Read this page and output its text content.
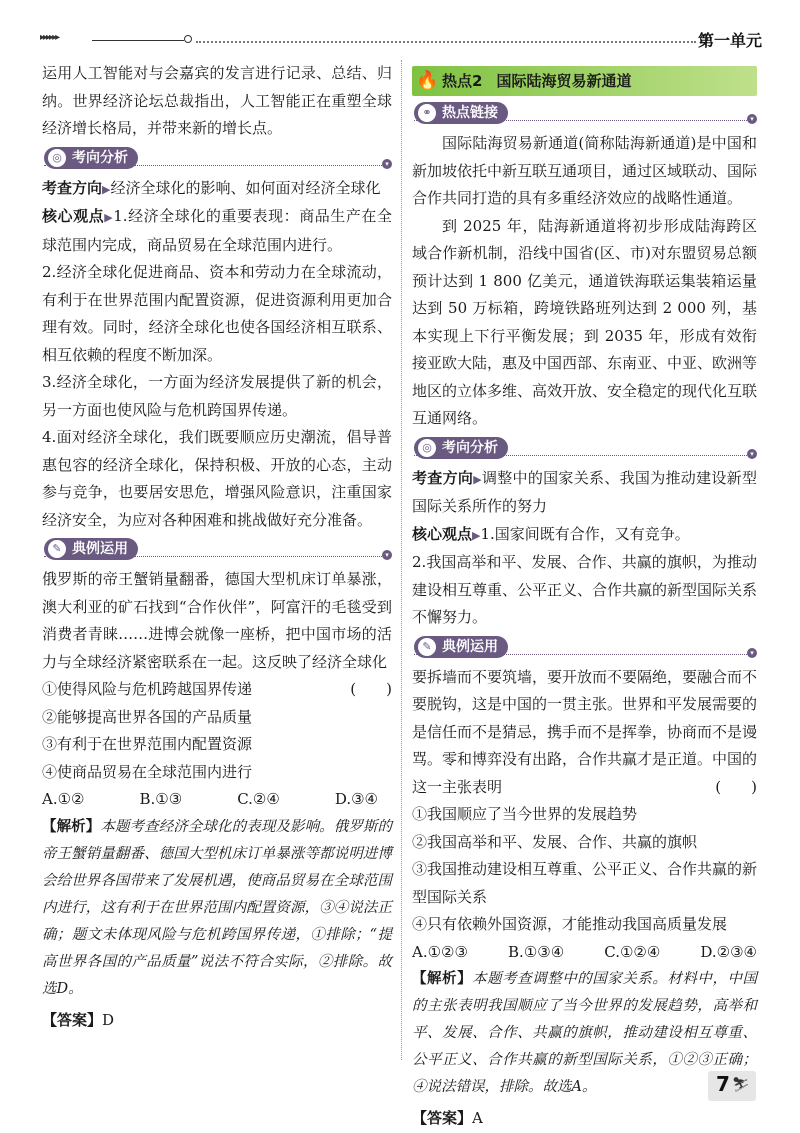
▸▸▸▸▸▸	第一单元

运用人工智能对与会嘉宾的发言进行记录、总结、归纳。世界经济论坛总裁指出，人工智能正在重塑全球经济增长格局，并带来新的增长点。

◎ 考向分析	▾

考查方向▶经济全球化的影响、如何面对经济全球化

核心观点▶1.经济全球化的重要表现：商品生产在全球范围内完成，商品贸易在全球范围内进行。

2.经济全球化促进商品、资本和劳动力在全球流动，有利于在世界范围内配置资源，促进资源利用更加合理有效。同时，经济全球化也使各国经济相互联系、相互依赖的程度不断加深。

3.经济全球化，一方面为经济发展提供了新的机会，另一方面也使风险与危机跨国界传递。

4.面对经济全球化，我们既要顺应历史潮流，倡导普惠包容的经济全球化，保持积极、开放的心态，主动参与竞争，也要居安思危，增强风险意识，注重国家经济安全，为应对各种困难和挑战做好充分准备。

✎ 典例运用	▾

俄罗斯的帝王蟹销量翻番，德国大型机床订单暴涨，澳大利亚的矿石找到“合作伙伴”，阿富汗的毛毯受到消费者青睐……进博会就像一座桥，把中国市场的活力与全球经济紧密联系在一起。这反映了经济全球化
(　　)

①使得风险与危机跨越国界传递

②能够提高世界各国的产品质量

③有利于在世界范围内配置资源

④使商品贸易在全球范围内进行

A.①②	B.①③	C.②④	D.③④

【解析】本题考查经济全球化的表现及影响。俄罗斯的帝王蟹销量翻番、德国大型机床订单暴涨等都说明进博会给世界各国带来了发展机遇，使商品贸易在全球范围内进行，这有利于在世界范围内配置资源，③④说法正确；题文未体现风险与危机跨国界传递，①排除；“提高世界各国的产品质量”说法不符合实际，②排除。故选D。

【答案】D

🔥 热点2 国际陆海贸易新通道
⚭ 热点链接	▾

国际陆海贸易新通道(简称陆海新通道)是中国和新加坡依托中新互联互通项目，通过区域联动、国际合作共同打造的具有多重经济效应的战略性通道。

到 2025 年，陆海新通道将初步形成陆海跨区域合作新机制，沿线中国省(区、市)对东盟贸易总额预计达到 1 800 亿美元，通道铁海联运集装箱运量达到 50 万标箱，跨境铁路班列达到 2 000 列，基本实现上下行平衡发展；到 2035 年，形成有效衔接亚欧大陆，惠及中国西部、东南亚、中亚、欧洲等地区的立体多维、高效开放、安全稳定的现代化互联互通网络。

◎ 考向分析	▾

考查方向▶调整中的国家关系、我国为推动建设新型国际关系所作的努力

核心观点▶1.国家间既有合作，又有竞争。

2.我国高举和平、发展、合作、共赢的旗帜，为推动建设相互尊重、公平正义、合作共赢的新型国际关系不懈努力。

✎ 典例运用	▾

要拆墙而不要筑墙，要开放而不要隔绝，要融合而不要脱钩，这是中国的一贯主张。世界和平发展需要的是信任而不是猜忌，携手而不是挥拳，协商而不是谩骂。零和博弈没有出路，合作共赢才是正道。中国的这一主张表明	(　　)

①我国顺应了当今世界的发展趋势

②我国高举和平、发展、合作、共赢的旗帜

③我国推动建设相互尊重、公平正义、合作共赢的新型国际关系

④只有依赖外国资源，才能推动我国高质量发展

A.①②③	B.①③④	C.①②④	D.②③④

【解析】本题考查调整中的国家关系。材料中，中国的主张表明我国顺应了当今世界的发展趋势，高举和平、发展、合作、共赢的旗帜，推动建设相互尊重、公平正义、合作共赢的新型国际关系，①②③正确；④说法错误，排除。故选A。

【答案】A

7 ⛷
